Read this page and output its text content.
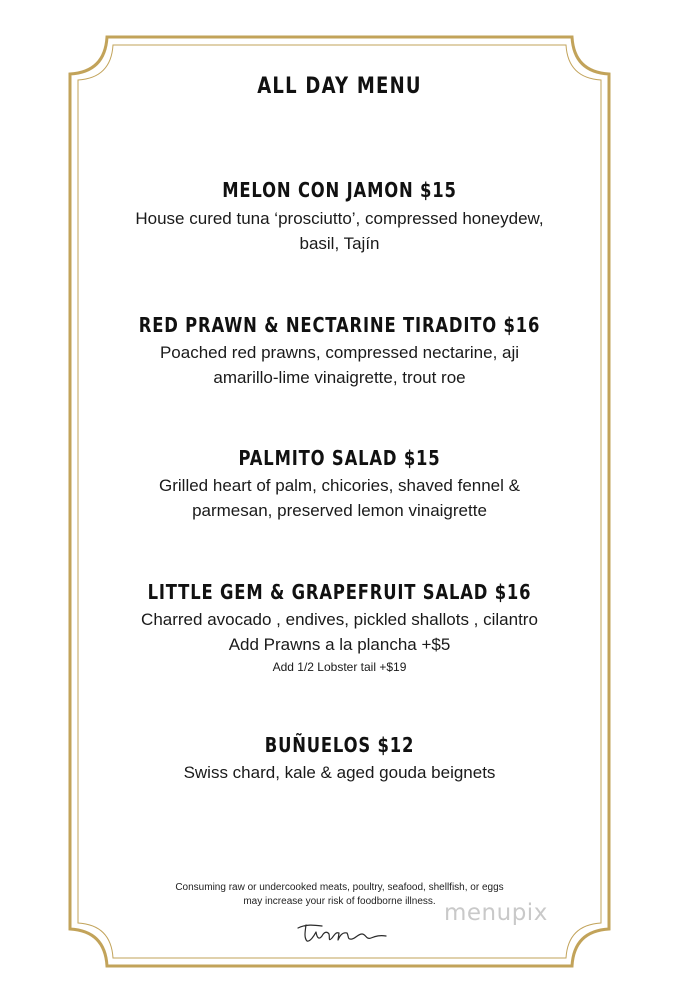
ALL DAY MENU
MELON CON JAMON $15
House cured tuna ‘prosciutto’, compressed honeydew,
basil, Tajín
RED PRAWN & NECTARINE TIRADITO $16
Poached red prawns, compressed nectarine, aji
amarillo-lime vinaigrette, trout roe
PALMITO SALAD $15
Grilled heart of palm, chicories, shaved fennel &
parmesan, preserved lemon vinaigrette
LITTLE GEM & GRAPEFRUIT SALAD $16
Charred avocado , endives, pickled shallots , cilantro
Add Prawns a la plancha +$5
Add 1/2 Lobster tail +$19
BUÑUELOS $12
Swiss chard, kale & aged gouda beignets
Consuming raw or undercooked meats, poultry, seafood, shellfish, or eggs
may increase your risk of foodborne illness. menupix
